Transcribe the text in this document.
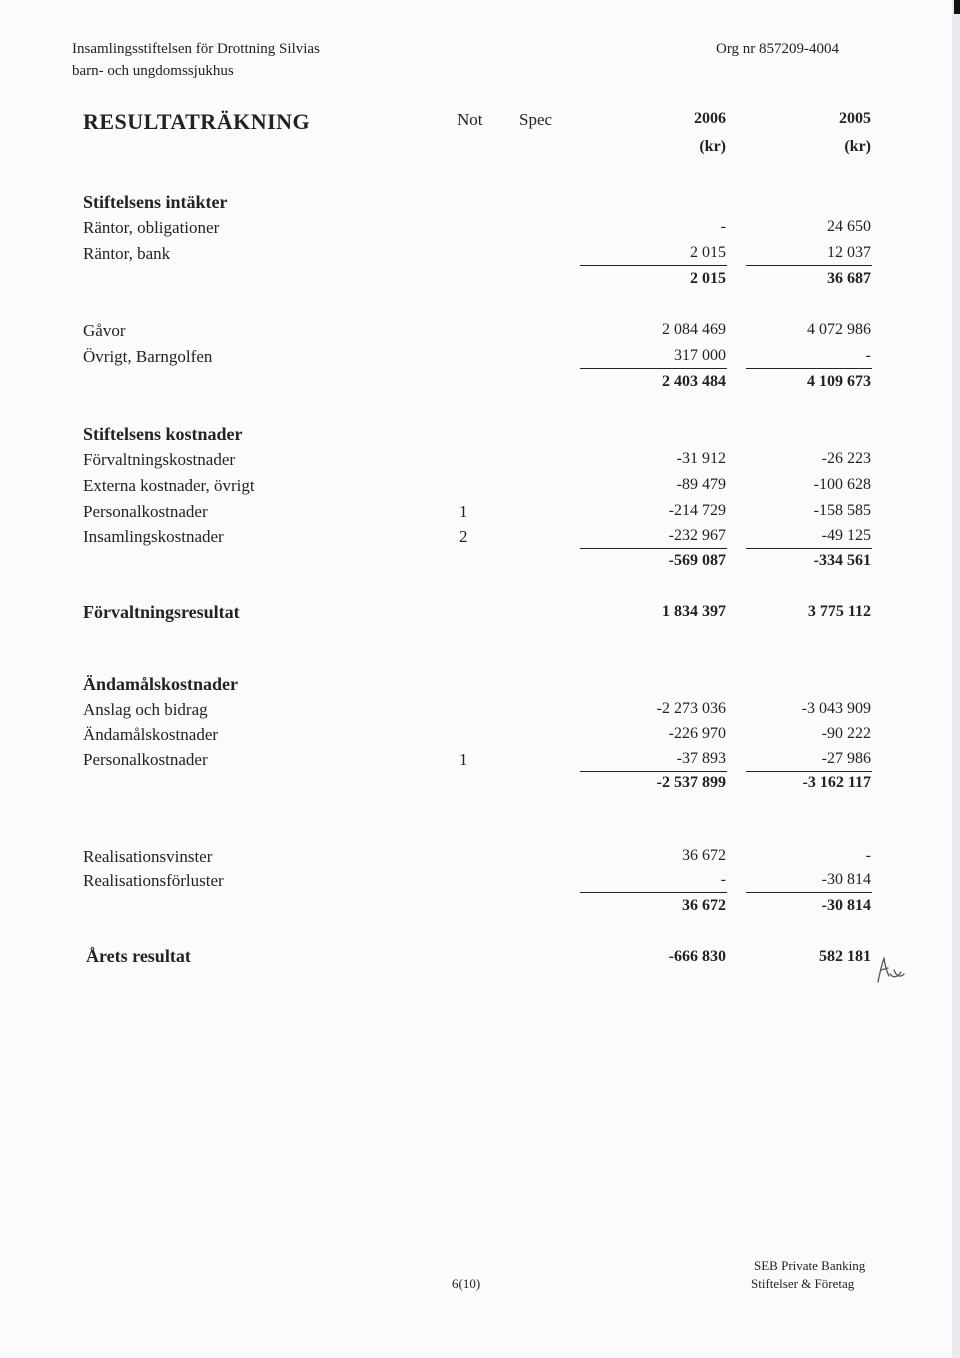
Insamlingsstiftelsen för Drottning Silvias
barn- och ungdomssjukhus
Org nr 857209-4004
RESULTATRÄKNING	Not Spec	2006	2005
(kr)	(kr)
Stiftelsens intäkter
Räntor, obligationer	-	24 650
Räntor, bank	2 015	12 037
2 015	36 687
Gåvor	2 084 469	4 072 986
Övrigt, Barngolfen	317 000	-
2 403 484	4 109 673
Stiftelsens kostnader
Förvaltningskostnader	-31 912	-26 223
Externa kostnader, övrigt	-89 479	-100 628
Personalkostnader	1	-214 729	-158 585
Insamlingskostnader	2	-232 967	-49 125
-569 087	-334 561
Förvaltningsresultat	1 834 397	3 775 112
Ändamålskostnader
Anslag och bidrag	-2 273 036	-3 043 909
Ändamålskostnader	-226 970	-90 222
Personalkostnader	1	-37 893	-27 986
-2 537 899	-3 162 117
Realisationsvinster	36 672	-
Realisationsförluster	-	-30 814
36 672	-30 814
Årets resultat	-666 830	582 181
6(10)
SEB Private Banking
Stiftelser & Företag
